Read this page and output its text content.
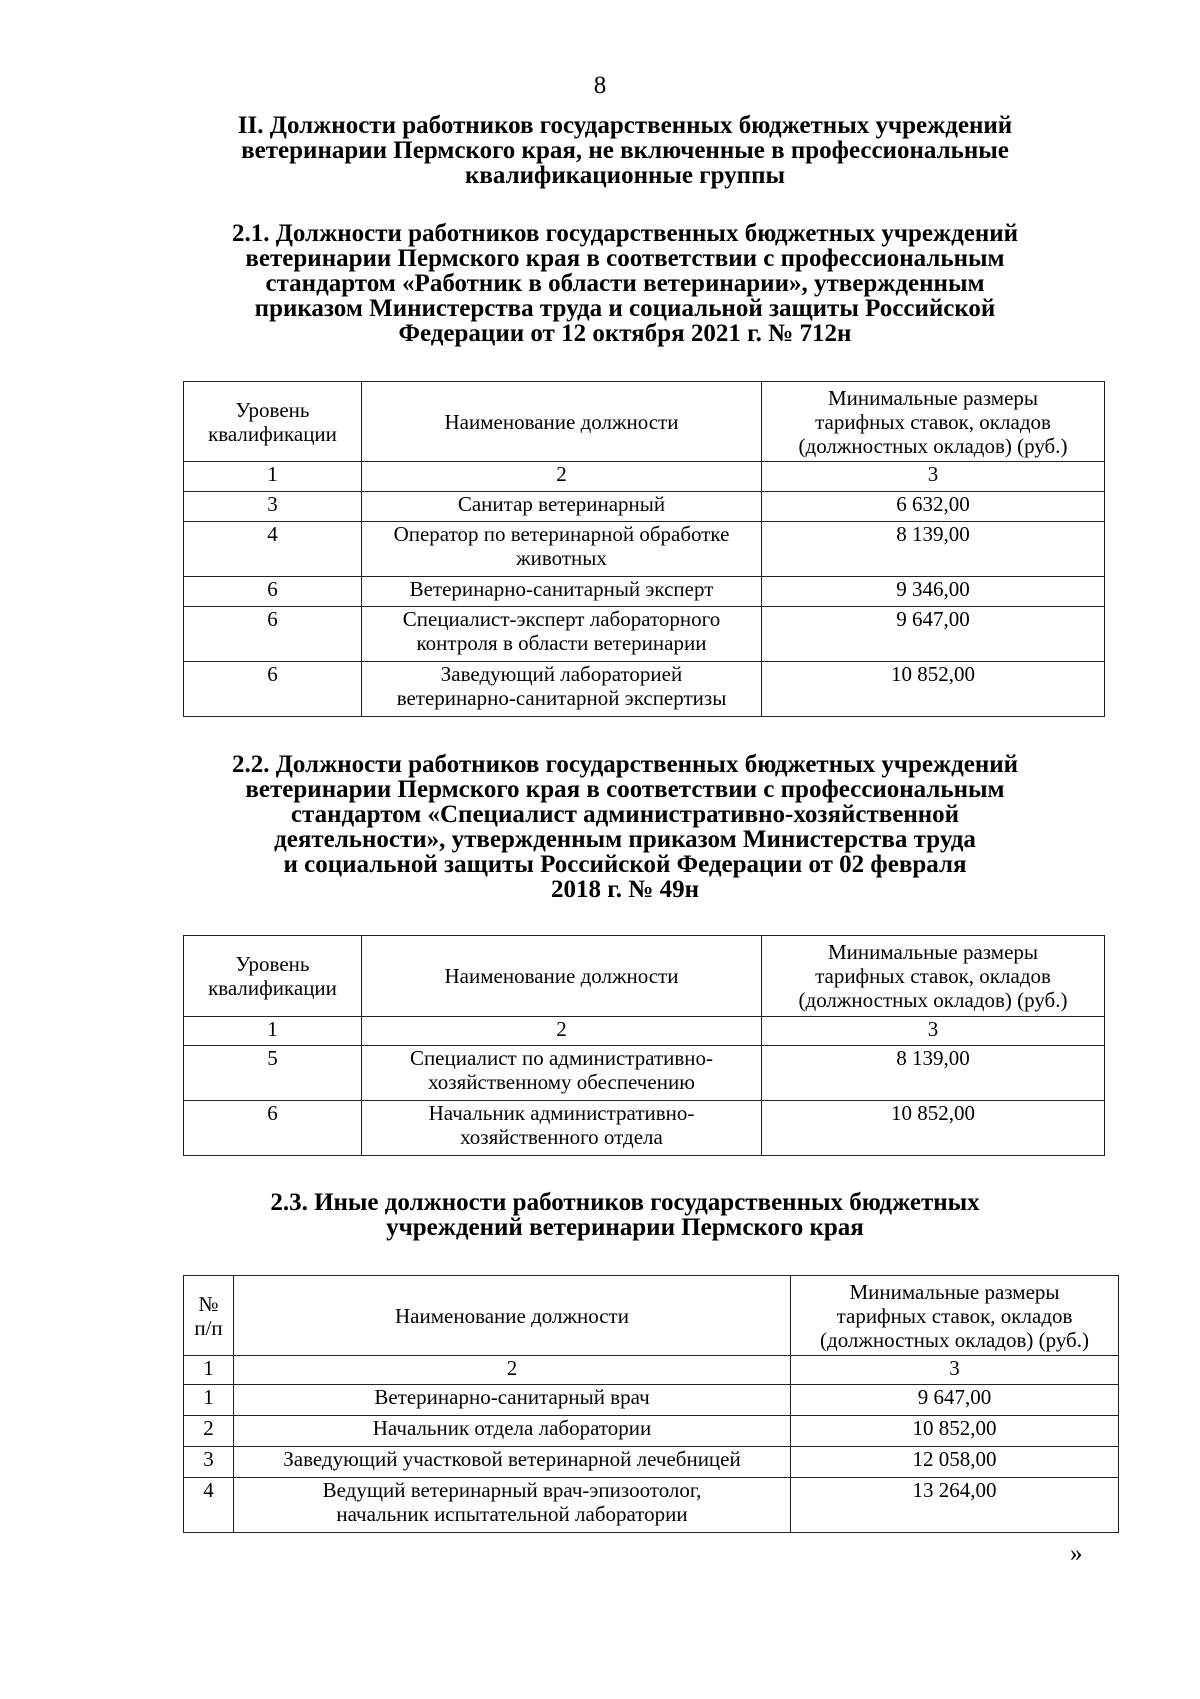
8
II. Должности работников государственных бюджетных учреждений
ветеринарии Пермского края, не включенные в профессиональные
квалификационные группы
2.1. Должности работников государственных бюджетных учреждений
ветеринарии Пермского края в соответствии с профессиональным
стандартом «Работник в области ветеринарии», утвержденным
приказом Министерства труда и социальной защиты Российской
Федерации от 12 октября 2021 г. № 712н
Уровень
квалификации	Наименование должности	Минимальные размеры
тарифных ставок, окладов
(должностных окладов) (руб.)

1	2	3
3	Санитар ветеринарный	6 632,00
4	Оператор по ветеринарной обработке
животных	8 139,00
6	Ветеринарно-санитарный эксперт	9 346,00
6	Специалист-эксперт лабораторного
контроля в области ветеринарии	9 647,00
6	Заведующий лабораторией
ветеринарно-санитарной экспертизы	10 852,00
2.2. Должности работников государственных бюджетных учреждений
ветеринарии Пермского края в соответствии с профессиональным
стандартом «Специалист административно-хозяйственной
деятельности», утвержденным приказом Министерства труда
и социальной защиты Российской Федерации от 02 февраля
2018 г. № 49н
Уровень
квалификации	Наименование должности	Минимальные размеры
тарифных ставок, окладов
(должностных окладов) (руб.)

1	2	3
5	Специалист по административно-
хозяйственному обеспечению	8 139,00
6	Начальник административно-
хозяйственного отдела	10 852,00
2.3. Иные должности работников государственных бюджетных
учреждений ветеринарии Пермского края
№
п/п	Наименование должности	Минимальные размеры
тарифных ставок, окладов
(должностных окладов) (руб.)

1	2	3
1	Ветеринарно-санитарный врач	9 647,00
2	Начальник отдела лаборатории	10 852,00
3	Заведующий участковой ветеринарной лечебницей	12 058,00
4	Ведущий ветеринарный врач-эпизоотолог,
начальник испытательной лаборатории	13 264,00
»
